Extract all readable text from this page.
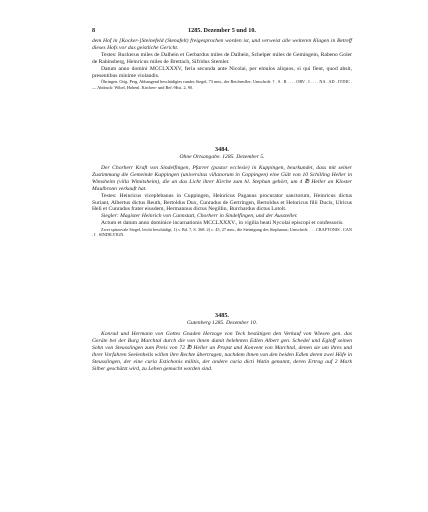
8	1285. Dezember 5 und 10.

dem Hof in [Kocker-]Steinefeld (Stenafelt) freigesprochen worden ist, und verweist alle weiteren Klagen in Betreff dieses Hofs vor das geistliche Gericht.

Testes: Ruckerus miles de Dalhein et Gerbardus miles de Dalhein, Schelper miles de Gemingein, Rabeno Goler de Rabinsberg, Heinricus miles de Brettach, Sifridus Stemler.

Datum anno domini MCCLXXXV, feria secunda ante Nicolai, per emulos aliquos, si qui fient, quod absit, presentibus minime violandis.

Öhringen. Orig. Perg. Abhangend beschädigtes rundes Siegel, 73 mm., der Reichenfler; Umschrift: † . S . R . . . . ORV . I . . . . NA . AD . IVDIC . — Abdruck: Wibel, Hohenl. Kirchen- und Ref.-Hist. 2, 90.

3484.

Ohne Ortsangabe. 1285. Dezember 5.

Der Chorherr Kraft von Sindelfingen, Pfarrer (pastor ecclesie) in Kuppingen, beurkundet, dass mit seiner Zustimmung die Gemeinde Kuppingen (universitas villanorum in Coppingen) eine Gült von 10 Schilling Heller in Wimsheim (villa Wimitsheim), die an das Licht ihrer Kirche zum hl. Stephan gehört, um 4 ℔ Heller an Kloster Maulbronn verkauft hat.

Testes: Heinricus viceplebanus in Cuppingen, Heinricus Paganus procurator sanctorum, Heinricus dictus Suriant, Albertus dictus Reuth, Bertoldus Dux, Cunradus de Gertringen, Bertoldus et Heinricus filii Ducis, Ulricus Heli et Cunradus frater eiusdem, Hermannus dictus Negillin, Burchardus dictus Lotolt.

Siegler: Magister Heinrich von Cannstatt, Chorherr in Sindelfingen, und der Aussteller.

Actum et datum anno dominice incarnationis MCCLXXXV., in vigilia beati Nycolai episcopi et confessoris.

Zwei spitzovale Siegel, leicht beschädigt, 1) s. Bd. 7, S. 368. 2) c. 45, 27 mm., die Steinigung des Stephanus; Umschrift: . . . CRAFTONIS . CAN . I . SINDILVIGN.

3485.

Gutenberg 1285. Dezember 10.

Konrad und Hermann von Gottes Gnaden Herzoge von Teck bestätigen den Verkauf von Wiesen gen. das Geräte bei der Burg Marchtal durch die von ihnen damit belehnten Edlen Albert gen. Schedel und Egloff seinen Sohn von Steusslingen zum Preis von 72 ℔ Heller an Propst und Konvent von Marchtal, denen sie um ihres und ihrer Vorfahren Seelenheils willen ihre Rechte übertragen, nachdem ihnen von den beiden Edlen deren zwei Höfe in Steusslingen, der eine curia Estichonis militis, der andere curia dicti Watin genannt, deren Ertrag auf 2 Mark Silber geschätzt wird, zu Lehen gemacht worden sind.
